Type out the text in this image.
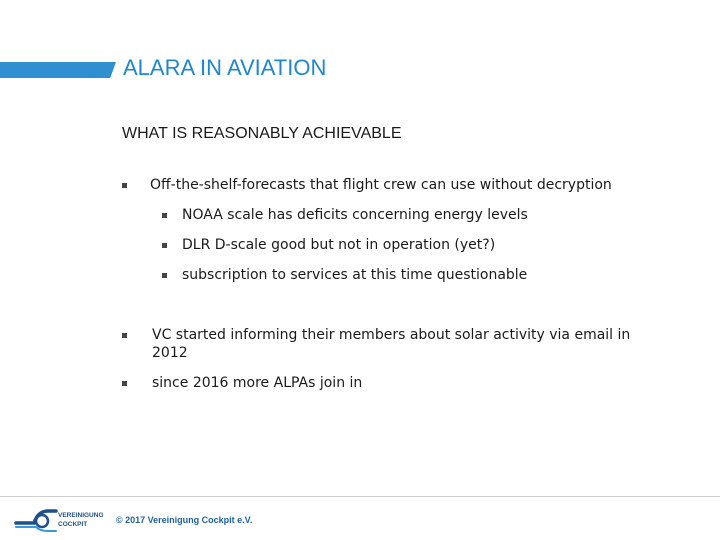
ALARA IN AVIATION
WHAT IS REASONABLY ACHIEVABLE
Off-the-shelf-forecasts that flight crew can use without decryption
NOAA scale has deficits concerning energy levels
DLR D-scale good but not in operation (yet?)
subscription to services at this time questionable
VC started informing their members about solar activity via email in 2012
since 2016 more ALPAs join in
VEREINIGUNG
COCKPIT	© 2017 Vereinigung Cockpit e.V.
